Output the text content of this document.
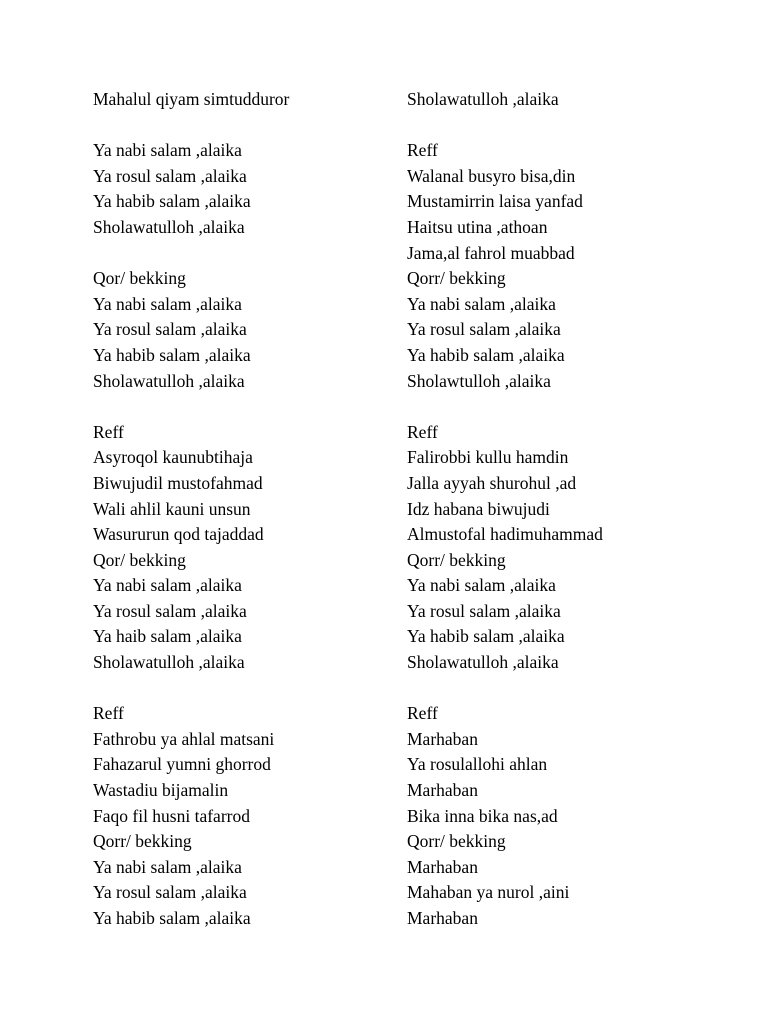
Mahalul qiyam simtudduror
Ya nabi salam ,alaika
Ya rosul salam ,alaika
Ya habib salam ,alaika
Sholawatulloh ,alaika
Qor/ bekking
Ya nabi salam ,alaika
Ya rosul salam ,alaika
Ya habib salam ,alaika
Sholawatulloh ,alaika
Reff
Asyroqol kaunubtihaja
Biwujudil mustofahmad
Wali ahlil kauni unsun
Wasururun qod tajaddad
Qor/ bekking
Ya nabi salam ,alaika
Ya rosul salam ,alaika
Ya haib salam ,alaika
Sholawatulloh ,alaika
Reff
Fathrobu ya ahlal matsani
Fahazarul yumni ghorrod
Wastadiu bijamalin
Faqo fil husni tafarrod
Qorr/ bekking
Ya nabi salam ,alaika
Ya rosul salam ,alaika
Ya habib salam ,alaika
Sholawatulloh ,alaika
Reff
Walanal busyro bisa,din
Mustamirrin laisa yanfad
Haitsu utina ,athoan
Jama,al fahrol muabbad
Qorr/ bekking
Ya nabi salam ,alaika
Ya rosul salam ,alaika
Ya habib salam ,alaika
Sholawtulloh ,alaika
Reff
Falirobbi kullu hamdin
Jalla ayyah shurohul ,ad
Idz habana biwujudi
Almustofal hadimuhammad
Qorr/ bekking
Ya nabi salam ,alaika
Ya rosul salam ,alaika
Ya habib salam ,alaika
Sholawatulloh ,alaika
Reff
Marhaban
Ya rosulallohi ahlan
Marhaban
Bika inna bika nas,ad
Qorr/ bekking
Marhaban
Mahaban ya nurol ,aini
Marhaban
